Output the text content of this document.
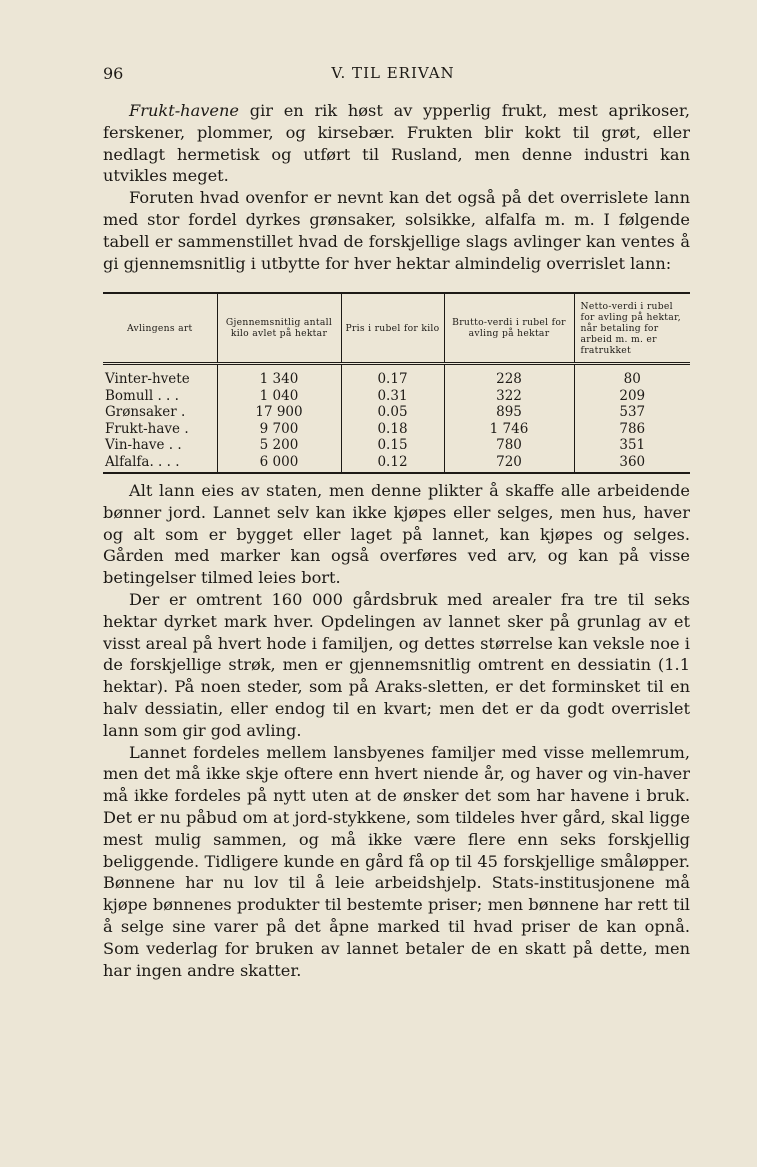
96	V. TIL ERIVAN

Frukt-havene gir en rik høst av ypperlig frukt, mest aprikoser, ferskener, plommer, og kirsebær. Frukten blir kokt til grøt, eller nedlagt hermetisk og utført til Rusland, men denne industri kan utvikles meget.

Foruten hvad ovenfor er nevnt kan det også på det overrislete lann med stor fordel dyrkes grønsaker, solsikke, alfalfa m. m. I følgende tabell er sammenstillet hvad de forskjellige slags avlinger kan ventes å gi gjennemsnitlig i utbytte for hver hektar almindelig overrislet lann:

Avlingens art	Gjennemsnitlig antall kilo avlet på hektar	Pris i rubel for kilo	Brutto-verdi i rubel for avling på hektar	Netto-verdi i rubel for avling på hektar, når betaling for arbeid m. m. er fratrukket
Vinter-hvete	1 340	0.17	228	80
Bomull . . .	1 040	0.31	322	209
Grønsaker .	17 900	0.05	895	537
Frukt-have .	9 700	0.18	1 746	786
Vin-have . .	5 200	0.15	780	351
Alfalfa. . . .	6 000	0.12	720	360

Alt lann eies av staten, men denne plikter å skaffe alle arbeidende bønner jord. Lannet selv kan ikke kjøpes eller selges, men hus, haver og alt som er bygget eller laget på lannet, kan kjøpes og selges. Gården med marker kan også overføres ved arv, og kan på visse betingelser tilmed leies bort.

Der er omtrent 160 000 gårdsbruk med arealer fra tre til seks hektar dyrket mark hver. Opdelingen av lannet sker på grunlag av et visst areal på hvert hode i familjen, og dettes størrelse kan veksle noe i de forskjellige strøk, men er gjennemsnitlig omtrent en dessiatin (1.1 hektar). På noen steder, som på Araks-sletten, er det forminsket til en halv dessiatin, eller endog til en kvart; men det er da godt overrislet lann som gir god avling.

Lannet fordeles mellem lansbyenes familjer med visse mellemrum, men det må ikke skje oftere enn hvert niende år, og haver og vin-haver må ikke fordeles på nytt uten at de ønsker det som har havene i bruk. Det er nu påbud om at jord-stykkene, som tildeles hver gård, skal ligge mest mulig sammen, og må ikke være flere enn seks forskjellig beliggende. Tidligere kunde en gård få op til 45 forskjellige småløpper. Bønnene har nu lov til å leie arbeidshjelp. Stats-institusjonene må kjøpe bønnenes produkter til bestemte priser; men bønnene har rett til å selge sine varer på det åpne marked til hvad priser de kan opnå. Som vederlag for bruken av lannet betaler de en skatt på dette, men har ingen andre skatter.
